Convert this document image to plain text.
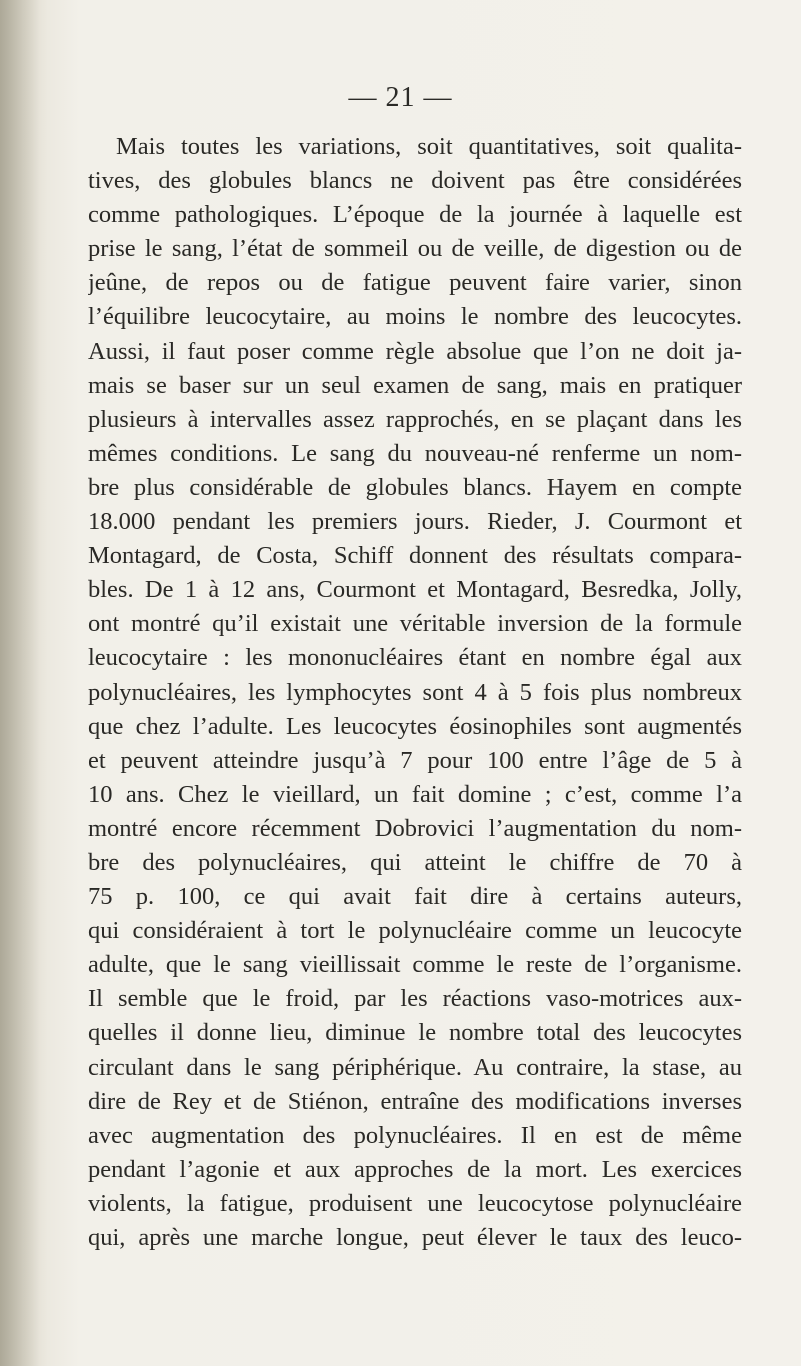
— 21 —
Mais toutes les variations, soit quantitatives, soit qualita-
tives, des globules blancs ne doivent pas être considérées
comme pathologiques. L’époque de la journée à laquelle est
prise le sang, l’état de sommeil ou de veille, de digestion ou de
jeûne, de repos ou de fatigue peuvent faire varier, sinon
l’équilibre leucocytaire, au moins le nombre des leucocytes.
Aussi, il faut poser comme règle absolue que l’on ne doit ja-
mais se baser sur un seul examen de sang, mais en pratiquer
plusieurs à intervalles assez rapprochés, en se plaçant dans les
mêmes conditions. Le sang du nouveau-né renferme un nom-
bre plus considérable de globules blancs. Hayem en compte
18.000 pendant les premiers jours. Rieder, J. Courmont et
Montagard, de Costa, Schiff donnent des résultats compara-
bles. De 1 à 12 ans, Courmont et Montagard, Besredka, Jolly,
ont montré qu’il existait une véritable inversion de la formule
leucocytaire : les mononucléaires étant en nombre égal aux
polynucléaires, les lymphocytes sont 4 à 5 fois plus nombreux
que chez l’adulte. Les leucocytes éosinophiles sont augmentés
et peuvent atteindre jusqu’à 7 pour 100 entre l’âge de 5 à
10 ans. Chez le vieillard, un fait domine ; c’est, comme l’a
montré encore récemment Dobrovici l’augmentation du nom-
bre des polynucléaires, qui atteint le chiffre de 70 à
75 p. 100, ce qui avait fait dire à certains auteurs,
qui considéraient à tort le polynucléaire comme un leucocyte
adulte, que le sang vieillissait comme le reste de l’organisme.
Il semble que le froid, par les réactions vaso-motrices aux-
quelles il donne lieu, diminue le nombre total des leucocytes
circulant dans le sang périphérique. Au contraire, la stase, au
dire de Rey et de Stiénon, entraîne des modifications inverses
avec augmentation des polynucléaires. Il en est de même
pendant l’agonie et aux approches de la mort. Les exercices
violents, la fatigue, produisent une leucocytose polynucléaire
qui, après une marche longue, peut élever le taux des leuco-
